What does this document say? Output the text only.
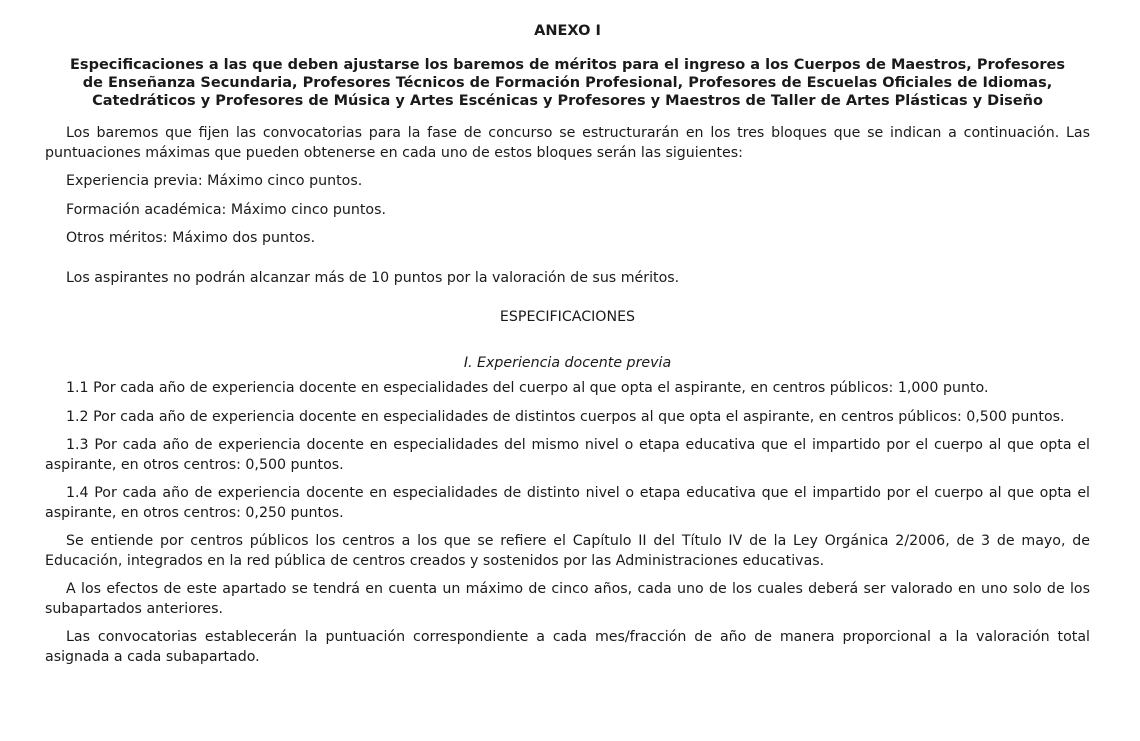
ANEXO I
Especificaciones a las que deben ajustarse los baremos de méritos para el ingreso a los Cuerpos de Maestros, Profesores de Enseñanza Secundaria, Profesores Técnicos de Formación Profesional, Profesores de Escuelas Oficiales de Idiomas, Catedráticos y Profesores de Música y Artes Escénicas y Profesores y Maestros de Taller de Artes Plásticas y Diseño

Los baremos que fijen las convocatorias para la fase de concurso se estructurarán en los tres bloques que se indican a continuación. Las puntuaciones máximas que pueden obtenerse en cada uno de estos bloques serán las siguientes:

Experiencia previa: Máximo cinco puntos.

Formación académica: Máximo cinco puntos.

Otros méritos: Máximo dos puntos.

Los aspirantes no podrán alcanzar más de 10 puntos por la valoración de sus méritos.

ESPECIFICACIONES

I. Experiencia docente previa

1.1 Por cada año de experiencia docente en especialidades del cuerpo al que opta el aspirante, en centros públicos: 1,000 punto.

1.2 Por cada año de experiencia docente en especialidades de distintos cuerpos al que opta el aspirante, en centros públicos: 0,500 puntos.

1.3 Por cada año de experiencia docente en especialidades del mismo nivel o etapa educativa que el impartido por el cuerpo al que opta el aspirante, en otros centros: 0,500 puntos.

1.4 Por cada año de experiencia docente en especialidades de distinto nivel o etapa educativa que el impartido por el cuerpo al que opta el aspirante, en otros centros: 0,250 puntos.

Se entiende por centros públicos los centros a los que se refiere el Capítulo II del Título IV de la Ley Orgánica 2/2006, de 3 de mayo, de Educación, integrados en la red pública de centros creados y sostenidos por las Administraciones educativas.

A los efectos de este apartado se tendrá en cuenta un máximo de cinco años, cada uno de los cuales deberá ser valorado en uno solo de los subapartados anteriores.

Las convocatorias establecerán la puntuación correspondiente a cada mes/fracción de año de manera proporcional a la valoración total asignada a cada subapartado.
